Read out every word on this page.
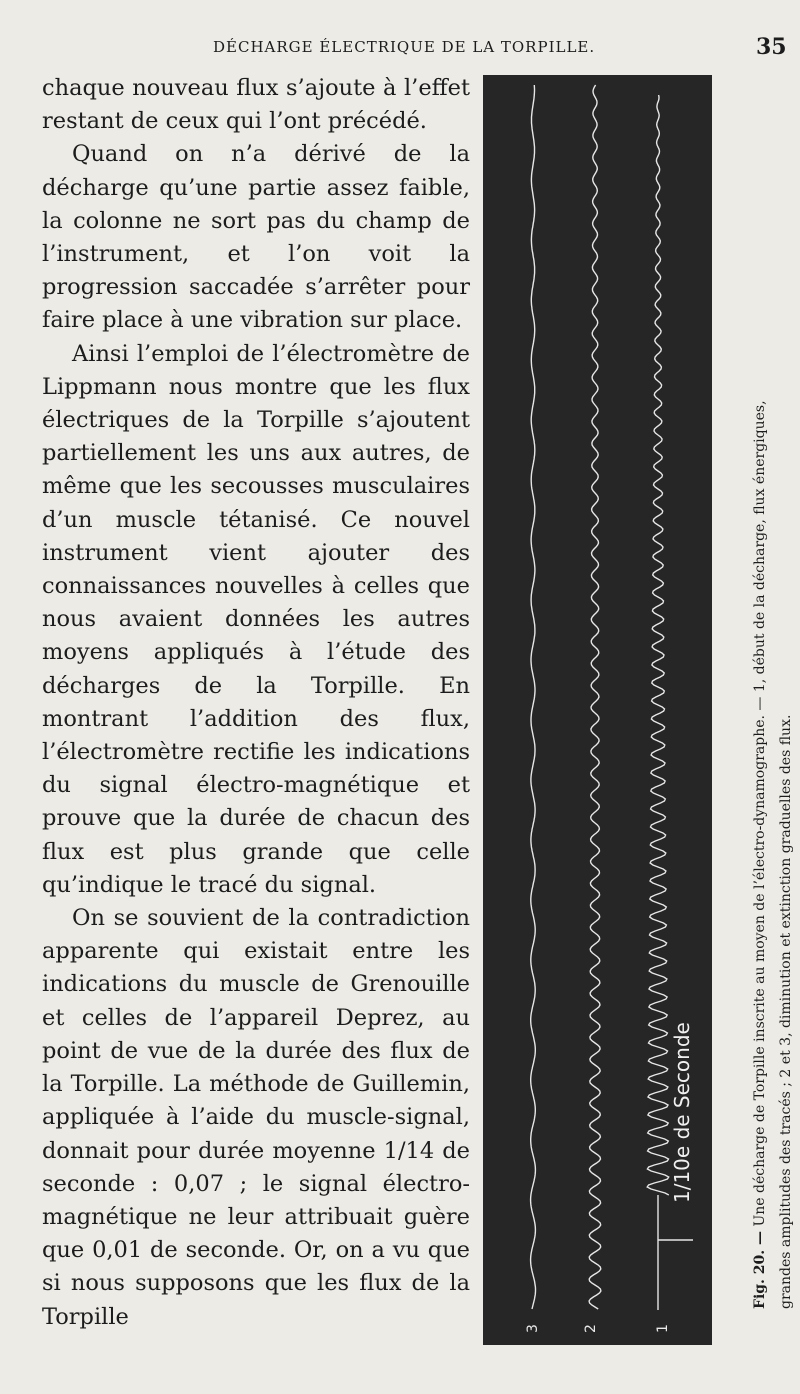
DÉCHARGE ÉLECTRIQUE DE LA TORPILLE.	35

chaque nouveau flux s’ajoute à l’effet restant de ceux qui l’ont précédé.

Quand on n’a dérivé de la décharge qu’une partie assez faible, la colonne ne sort pas du champ de l’instrument, et l’on voit la progression saccadée s’arrêter pour faire place à une vibration sur place.

Ainsi l’emploi de l’électromètre de Lippmann nous montre que les flux électriques de la Torpille s’ajoutent partiellement les uns aux autres, de même que les secousses musculaires d’un muscle tétanisé. Ce nouvel instrument vient ajouter des connaissances nouvelles à celles que nous avaient données les autres moyens appliqués à l’étude des décharges de la Torpille. En montrant l’addition des flux, l’électromètre rectifie les indications du signal électro-magnétique et prouve que la durée de chacun des flux est plus grande que celle qu’indique le tracé du signal.

On se souvient de la contradiction apparente qui existait entre les indications du muscle de Grenouille et celles de l’appareil Deprez, au point de vue de la durée des flux de la Torpille. La méthode de Guillemin, appliquée à l’aide du muscle-signal, donnait pour durée moyenne 1/14 de seconde : 0,07 ; le signal électro-magnétique ne leur attribuait guère que 0,01 de seconde. Or, on a vu que si nous supposons que les flux de la Torpille	3	2	1
1/10e de Seconde
Fig. 20. — Une décharge de Torpille inscrite au moyen de l’électro-dynamographe. — 1, début de la décharge, flux énergiques, grandes amplitudes des tracés ; 2 et 3, diminution et extinction graduelles des flux.
